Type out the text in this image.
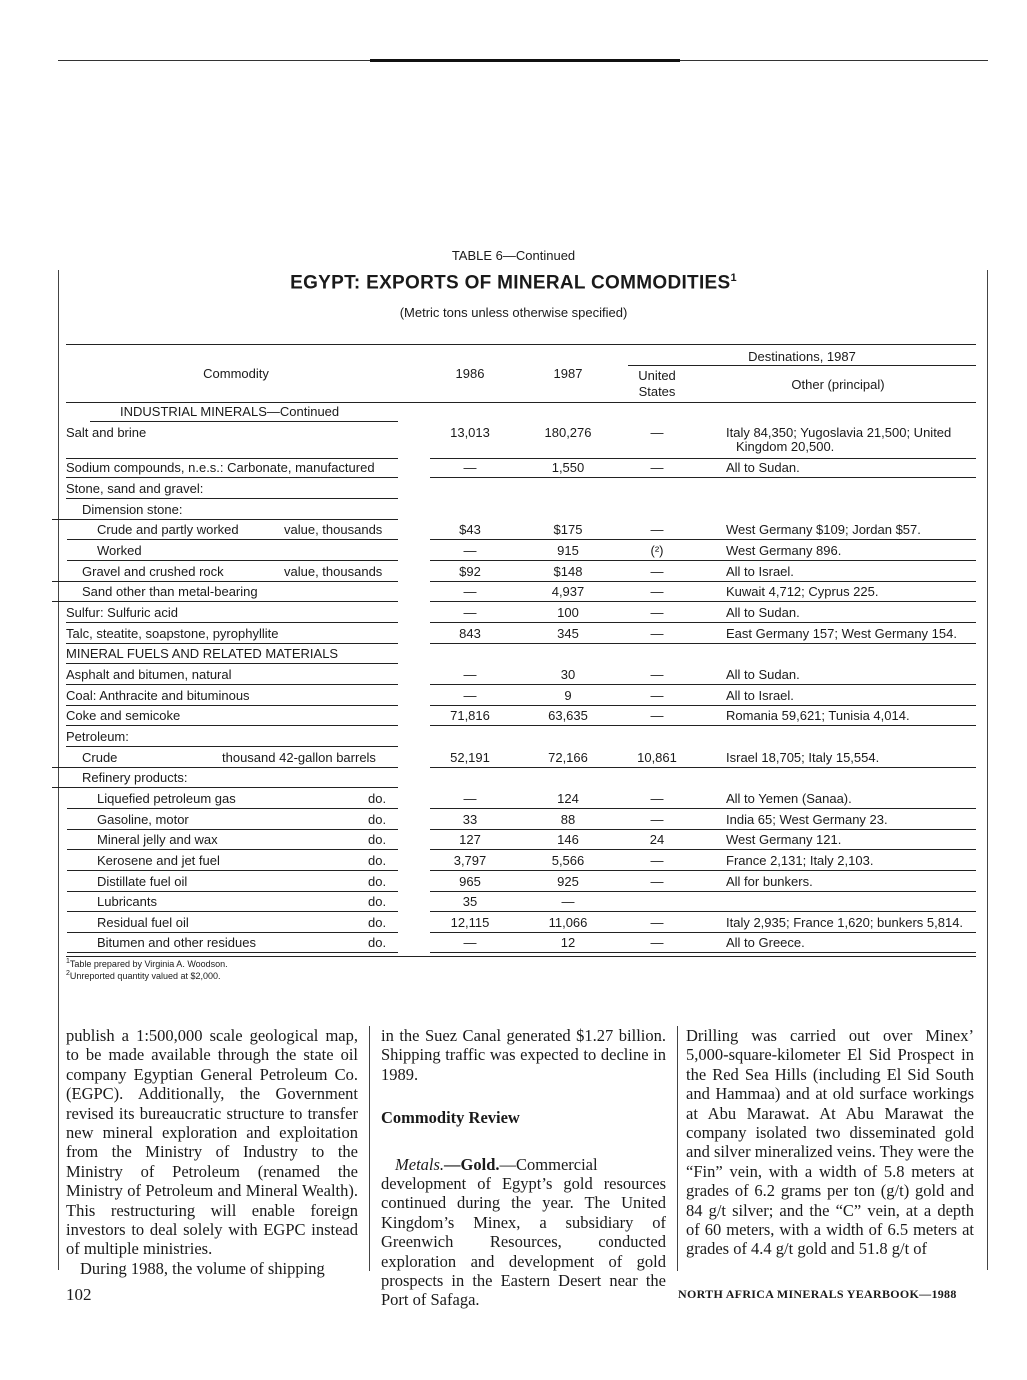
TABLE 6—Continued
EGYPT: EXPORTS OF MINERAL COMMODITIES$^1$
(Metric tons unless otherwise specified)
Commodity	1986	1987
Destinations, 1987
United
States	Other (principal)
INDUSTRIAL MINERALS—Continued
Salt and brine	13,013	180,276	—	Italy 84,350; Yugoslavia 21,500; United
Kingdom 20,500.
Sodium compounds, n.e.s.: Carbonate, manufactured	—	1,550	—	All to Sudan.
Stone, sand and gravel:
Dimension stone:
Crude and partly worked	value, thousands	$43	$175	—	West Germany $109; Jordan $57.
Worked	—	915	(²)	West Germany 896.
Gravel and crushed rock	value, thousands	$92	$148	—	All to Israel.
Sand other than metal-bearing	—	4,937	—	Kuwait 4,712; Cyprus 225.
Sulfur: Sulfuric acid	—	100	—	All to Sudan.
Talc, steatite, soapstone, pyrophyllite	843	345	—	East Germany 157; West Germany 154.
MINERAL FUELS AND RELATED MATERIALS
Asphalt and bitumen, natural	—	30	—	All to Sudan.
Coal: Anthracite and bituminous	—	9	—	All to Israel.
Coke and semicoke	71,816	63,635	—	Romania 59,621; Tunisia 4,014.
Petroleum:
Crude	thousand 42-gallon barrels	52,191	72,166	10,861	Israel 18,705; Italy 15,554.
Refinery products:
Liquefied petroleum gas	do.	—	124	—	All to Yemen (Sanaa).
Gasoline, motor	do.	33	88	—	India 65; West Germany 23.
Mineral jelly and wax	do.	127	146	24	West Germany 121.
Kerosene and jet fuel	do.	3,797	5,566	—	France 2,131; Italy 2,103.
Distillate fuel oil	do.	965	925	—	All for bunkers.
Lubricants	do.	35	—
Residual fuel oil	do.	12,115	11,066	—	Italy 2,935; France 1,620; bunkers 5,814.
Bitumen and other residues	do.	—	12	—	All to Greece.
$^1$Table prepared by Virginia A. Woodson.
$^2$Unreported quantity valued at $2,000.

publish a 1:500,000 scale geological map, to be made available through the state oil company Egyptian General Petroleum Co. (EGPC). Additionally, the Government revised its bureaucratic structure to transfer new mineral exploration and exploitation from the Ministry of Industry to the Ministry of Petroleum (renamed the Ministry of Petroleum and Mineral Wealth). This restructuring will enable foreign investors to deal solely with EGPC instead of multiple ministries.

During 1988, the volume of shipping

in the Suez Canal generated $1.27 billion. Shipping traffic was expected to decline in 1989.

Commodity Review

Metals.—Gold.—Commercial development of Egypt’s gold resources continued during the year. The United Kingdom’s Minex, a subsidiary of Greenwich Resources, conducted exploration and development of gold prospects in the Eastern Desert near the Port of Safaga.

Drilling was carried out over Minex’ 5,000-square-kilometer El Sid Prospect in the Red Sea Hills (including El Sid South and Hammaa) and at old surface workings at Abu Marawat. At Abu Marawat the company isolated two disseminated gold and silver mineralized veins. They were the “Fin” vein, with a width of 5.8 meters at grades of 6.2 grams per ton (g/t) gold and 84 g/t silver; and the “C” vein, at a depth of 60 meters, with a width of 6.5 meters at grades of 4.4 g/t gold and 51.8 g/t of

102	NORTH AFRICA MINERALS YEARBOOK—1988
